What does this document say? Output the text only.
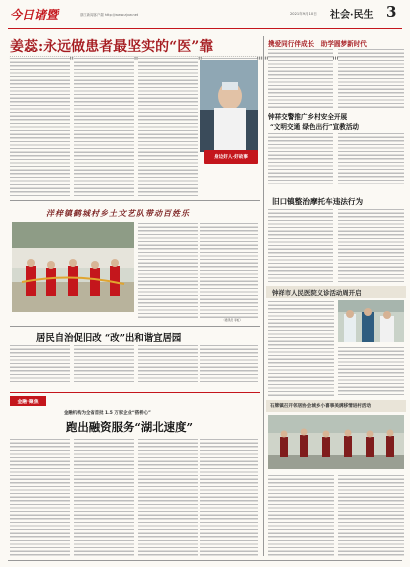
今日诸暨	浙江新闻客户端 http://www.zjxw.net	2021年9月10日 社会·民生 3
姜蕊:永远做患者最坚实的“医”靠
身边好人·好故事
携爱同行伴成长　助学圆梦新时代
钟祥交警推广乡村安全开展
“文明交通 绿色出行”宣教活动
旧口镇整治摩托车违法行为
钟祥市人民医院义诊活动周开启
石牌镇召开邻居协会城乡小喜事美满移情进村活动
洋梓镇鹤城村乡土文艺队带动百姓乐
（通讯员 李虹）
居民自治促旧改 “改”出和谐宜居园
金融·聚焦
金融机构为全省首批 1.5 万家企业“搭桥心”
跑出融资服务“湖北速度”
